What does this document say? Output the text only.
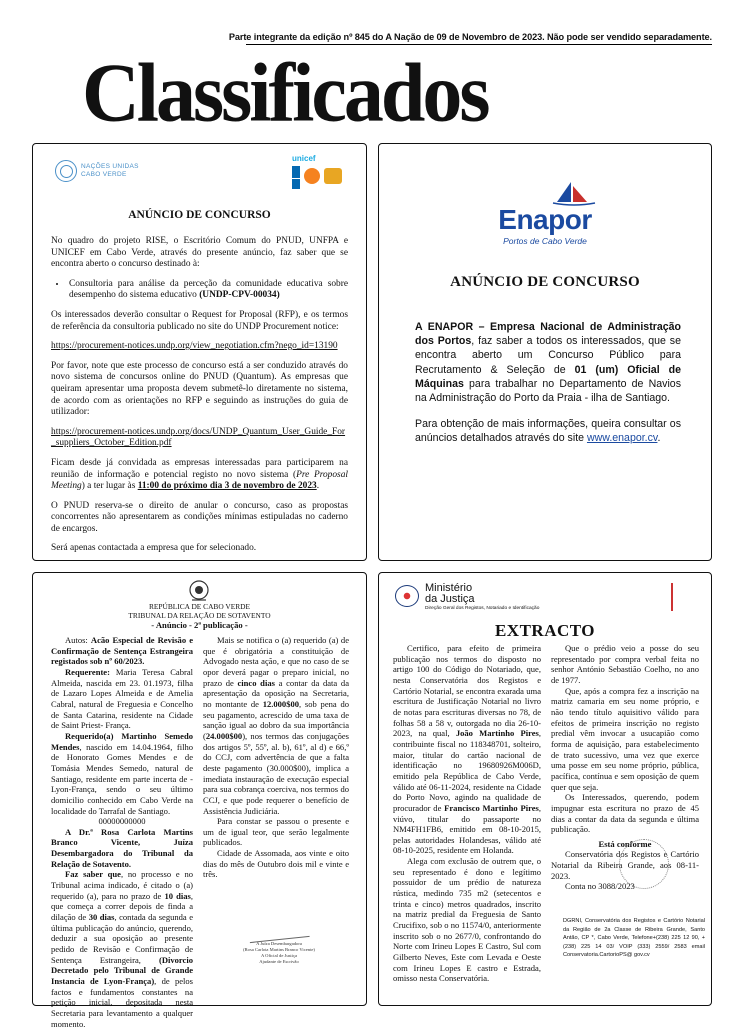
Parte integrante da edição nº 845 do A Nação de 09 de Novembro de 2023. Não pode ser vendido separadamente.
Classificados
NAÇÕES UNIDAS
CABO VERDE
unicef
ANÚNCIO DE CONCURSO

No quadro do projeto RISE, o Escritório Comum do PNUD, UNFPA e UNICEF em Cabo Verde, através do presente anúncio, faz saber que se encontra aberto o concurso destinado à:

• Consultoria para análise da perceção da comunidade educativa sobre desempenho do sistema educativo (UNDP-CPV-00034)

Os interessados deverão consultar o Request for Proposal (RFP), e os termos de referência da consultoria publicado no site do UNDP Procurement notice:

https://procurement-notices.undp.org/view_negotiation.cfm?nego_id=13190

Por favor, note que este processo de concurso está a ser conduzido através do novo sistema de concursos online do PNUD (Quantum). As empresas que queiram apresentar uma proposta devem submetê-lo diretamente no sistema, de acordo com as orientações no RFP e seguindo as instruções do guia de utilizador:

https://procurement-notices.undp.org/docs/UNDP_Quantum_User_Guide_For_suppliers_October_Edition.pdf

Ficam desde já convidada as empresas interessadas para participarem na reunião de informação e potencial registo no novo sistema (Pre Proposal Meeting) a ter lugar às 11:00 do próximo dia 3 de novembro de 2023.

O PNUD reserva-se o direito de anular o concurso, caso as propostas concorrentes não apresentarem as condições mínimas estipuladas no caderno de encargos.

Será apenas contactada a empresa que for selecionado.

Enapor
Portos de Cabo Verde
ANÚNCIO DE CONCURSO

A ENAPOR – Empresa Nacional de Administração dos Portos, faz saber a todos os interessados, que se encontra aberto um Concurso Público para Recrutamento & Seleção de 01 (um) Oficial de Máquinas para trabalhar no Departamento de Navios na Administração do Porto da Praia - ilha de Santiago.

Para obtenção de mais informações, queira consultar os anúncios detalhados através do site www.enapor.cv.

REPÚBLICA DE CABO VERDE
TRIBUNAL DA RELAÇÃO DE SOTAVENTO
- Anúncio - 2ª publicação -

Autos: Acão Especial de Revisão e Confirmação de Sentença Estrangeira registados sob nº 60/2023.

Requerente: Maria Teresa Cabral Almeida, nascida em 23. 01.1973, filha de Lazaro Lopes Almeida e de Amelia Cabral, natural de Freguesia e Concelho de Santa Catarina, residente na Cidade de Saint Priest- França.

Requerido(a) Martinho Semedo Mendes, nascido em 14.04.1964, filho de Honorato Gomes Mendes e de Tomásia Mendes Semedo, natural de Santiago, residente em parte incerta de - Lyon-França, sendo o seu último domicilio conhecido em Cabo Verde na localidade do Tarrafal de Santiago.

00000000000

A Dr.ª Rosa Carlota Martins Branco Vicente, Juíza Desembargadora do Tribunal da Relação de Sotavento.

Faz saber que, no processo e no Tribunal acima indicado, é citado o (a) requerido (a), para no prazo de 10 dias, que começa a correr depois de finda a dilação de 30 dias, contada da segunda e última publicação do anúncio, querendo, deduzir a sua oposição ao presente pedido de Revisão e Confirmação de Sentença Estrangeira, (Divorcio Decretado pelo Tribunal de Grande Instancia de Lyon-França), de pelos factos e fundamentos constantes na petição inicial, depositada nesta Secretaria para levantamento a qualquer momento.

Mais se notifica o (a) requerido (a) de que é obrigatória a constituição de Advogado nesta ação, e que no caso de se opor deverá pagar o preparo inicial, no prazo de cinco dias a contar da data da apresentação da oposição na Secretaria, no montante de 12.000$00, sob pena do seu pagamento, acrescido de uma taxa de sanção igual ao dobro da sua importância (24.000$00), nos termos das conjugações dos artigos 5º, 55º, al. b), 61º, al d) e 66,º do CCJ, com advertência de que a falta deste pagamento (30.000$00), implica a imediata instauração de execução especial para sua cobrança coerciva, nos termos do CCJ, e que pode requerer o benefício de Assistência Judiciária.

Para constar se passou o presente e um de igual teor, que serão legalmente publicados.

Cidade de Assomada, aos vinte e oito dias do mês de Outubro dois mil e vinte e três.

A Juíza Desembargadora
(Rosa Carlota Martins Branco Vicente)
A Oficial de Justiça
Ajudante de Escrivão
Ministério
da Justiça
Direção Geral dos Registos, Notariado e Identificação
EXTRACTO

Certifico, para efeito de primeira publicação nos termos do disposto no artigo 100 do Código do Notariado, que, nesta Conservatória dos Registos e Cartório Notarial, se encontra exarada uma escritura de Justificação Notarial no livro de notas para escrituras diversas no 78, de folhas 58 a 58 v, outorgada no dia 26-10-2023, na qual, João Martinho Pires, contribuinte fiscal no 118348701, solteiro, maior, titular do cartão nacional de identificação no 19680926M006D, emitido pela República de Cabo Verde, válido até 06-11-2024, residente na Cidade do Porto Novo, agindo na qualidade de procurador de Francisco Martinho Pires, viúvo, titular do passaporte no NM4FH1FB6, emitido em 08-10-2015, pelas autoridades Holandesas, válido até 08-10-2025, residente em Holanda.

Alega com exclusão de outrem que, o seu representado é dono e legítimo possuidor de um prédio de natureza rústica, medindo 735 m2 (setecentos e trinta e cinco) metros quadrados, inscrito na matriz predial da Freguesia de Santo Crucifixo, sob o no 11574/0, anteriormente inscrito sob o no 2677/0, confrontando do Norte com Irineu Lopes E Castro, Sul com Gilberto Neves, Este com Levada e Oeste com Irineu Lopes E castro e Estrada, omisso nesta Conservatória.

Que o prédio veio a posse do seu representado por compra verbal feita no senhor António Sebastião Coelho, no ano de 1977.

Que, após a compra fez a inscrição na matriz camaria em seu nome próprio, e não tendo título aquisitivo válido para efeitos de primeira inscrição no registo predial vêm invocar a usucapião como forma de aquisição, para estabelecimento de trato sucessivo, uma vez que exerce uma posse em seu nome próprio, pública, pacífica, contínua e sem oposição de quem quer que seja.

Os Interessados, querendo, podem impugnar esta escritura no prazo de 45 dias a contar da data da segunda e última publicação.

Está conforme

Conservatória dos Registos e Cartório Notarial da Ribeira Grande, aos 08-11-2023.

Conta no 3088/2023

DGRNI, Conservatória dos Registos e Cartório Notarial da Região de 2a Classe de Ribeira Grande, Santo Antão, CP *, Cabo Verde, Telefone+(238) 225 12 90, +(238) 225 14 03/ VOIP (333) 2559/ 2583 email Conservatoria.CartorioPS@ gov.cv
